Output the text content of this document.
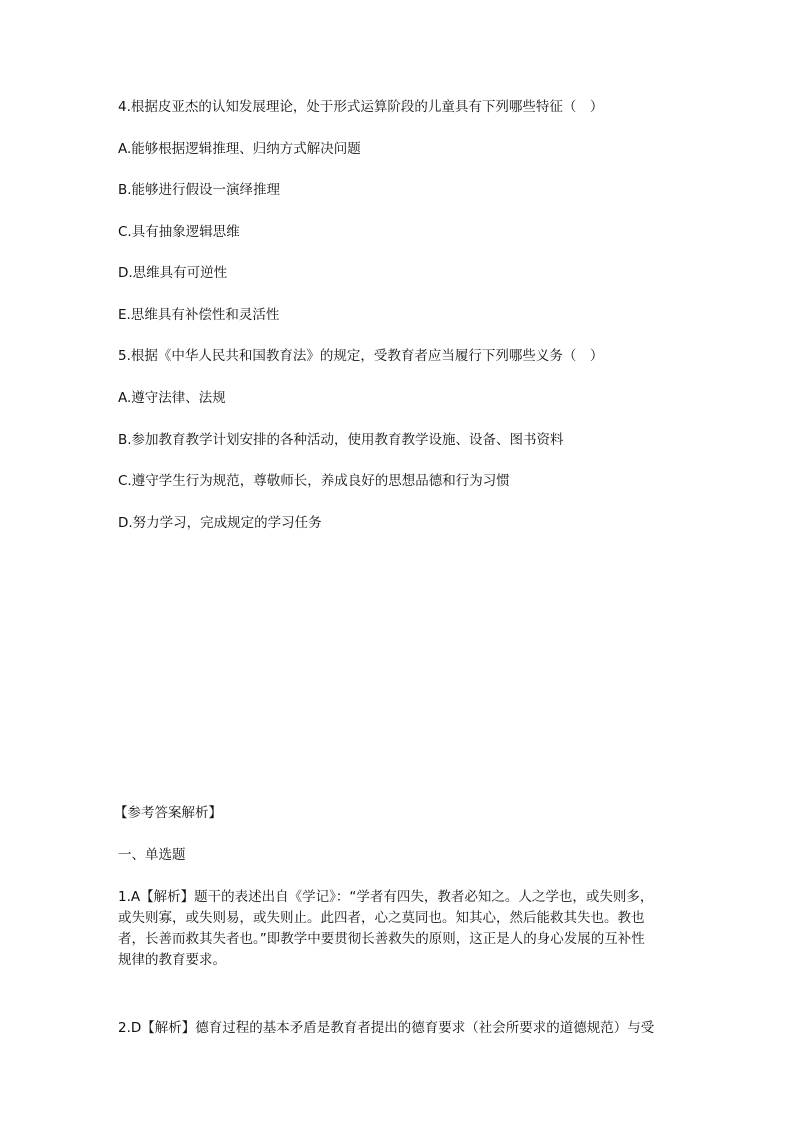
4.根据皮亚杰的认知发展理论，处于形式运算阶段的儿童具有下列哪些特征（　）
A.能够根据逻辑推理、归纳方式解决问题
B.能够进行假设一演绎推理
C.具有抽象逻辑思维
D.思维具有可逆性
E.思维具有补偿性和灵活性
5.根据《中华人民共和国教育法》的规定，受教育者应当履行下列哪些义务（　）
A.遵守法律、法规
B.参加教育教学计划安排的各种活动，使用教育教学设施、设备、图书资料
C.遵守学生行为规范，尊敬师长，养成良好的思想品德和行为习惯
D.努力学习，完成规定的学习任务
【参考答案解析】
一、单选题
1.A【解析】题干的表述出自《学记》：“学者有四失，教者必知之。人之学也，或失则多，
或失则寡，或失则易，或失则止。此四者，心之莫同也。知其心，然后能救其失也。教也
者，长善而救其失者也。”即教学中要贯彻长善救失的原则，这正是人的身心发展的互补性
规律的教育要求。
2.D【解析】德育过程的基本矛盾是教育者提出的德育要求（社会所要求的道德规范）与受
